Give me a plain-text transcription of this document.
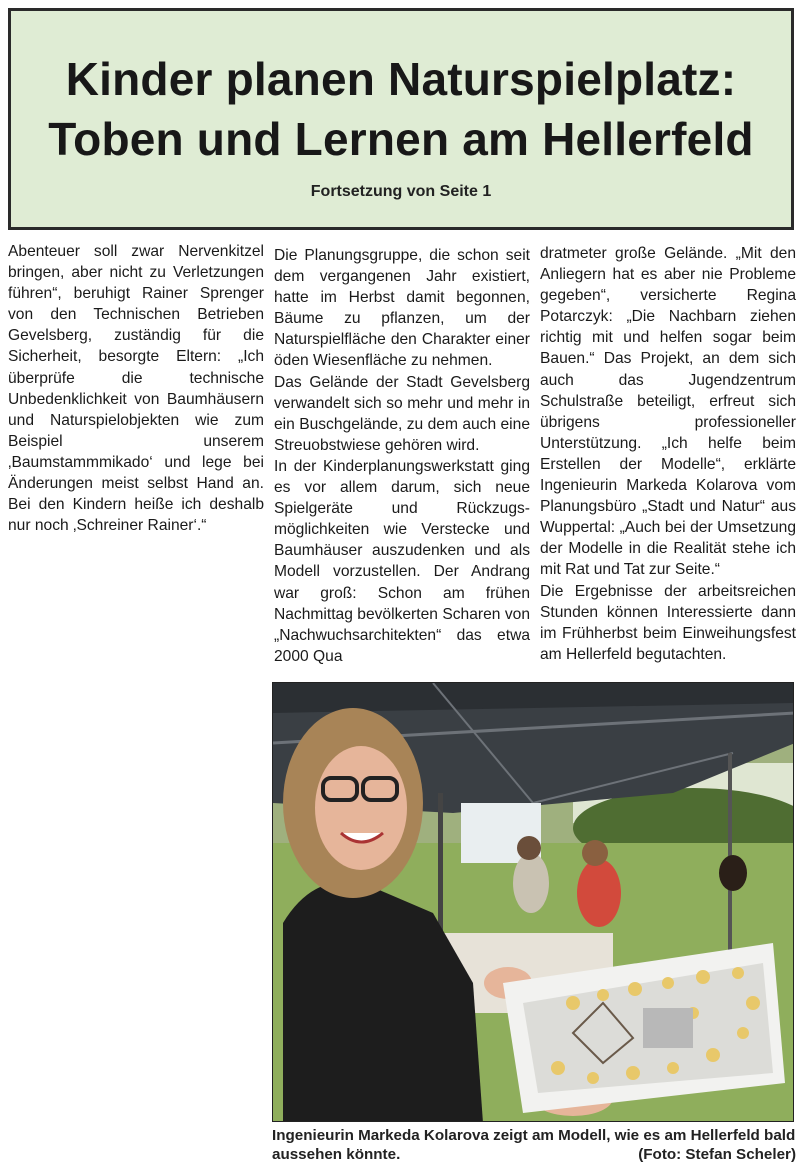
Kinder planen Naturspielplatz:
Toben und Lernen am Hellerfeld
Fortsetzung von Seite 1

Abenteuer soll zwar Nervenkitzel bringen, aber nicht zu Verletzungen führen“, beruhigt Rainer Sprenger von den Technischen Betrieben Gevelsberg, zuständig für die Sicherheit, besorgte Eltern: „Ich überprüfe die technische Unbedenklichkeit von Baumhäusern und Naturspielobjekten wie zum Beispiel unserem ‚Baumstammmikado‘ und lege bei Änderungen meist selbst Hand an. Bei den Kindern heiße ich deshalb nur noch ‚Schreiner Rainer‘.“

Die Planungsgruppe, die schon seit dem vergangenen Jahr existiert, hatte im Herbst damit begonnen, Bäume zu pflanzen, um der Naturspielfläche den Charakter einer öden Wiesenfläche zu nehmen.

Das Gelände der Stadt Gevelsberg verwandelt sich so mehr und mehr in ein Buschgelände, zu dem auch eine Streuobstwiese gehören wird.

In der Kinderplanungswerkstatt ging es vor allem darum, sich neue Spielgeräte und Rückzugsmöglichkeiten wie Verstecke und Baumhäuser auszudenken und als Modell vorzustellen. Der Andrang war groß: Schon am frühen Nachmittag bevölkerten Scharen von „Nachwuchsarchitekten“ das etwa 2000 Qua

dratmeter große Gelände. „Mit den Anliegern hat es aber nie Probleme gegeben“, versicherte Regina Potarczyk: „Die Nachbarn ziehen richtig mit und helfen sogar beim Bauen.“ Das Projekt, an dem sich auch das Jugendzentrum Schulstraße beteiligt, erfreut sich übrigens professioneller Unterstützung. „Ich helfe beim Erstellen der Modelle“, erklärte Ingenieurin Markeda Kolarova vom Planungsbüro „Stadt und Natur“ aus Wuppertal: „Auch bei der Umsetzung der Modelle in die Realität stehe ich mit Rat und Tat zur Seite.“

Die Ergebnisse der arbeitsreichen Stunden können Interessierte dann im Frühherbst beim Einweihungsfest am Hellerfeld begutachten.

Ingenieurin Markeda Kolarova zeigt am Modell, wie es am Hellerfeld bald aussehen könnte.	(Foto: Stefan Scheler)
